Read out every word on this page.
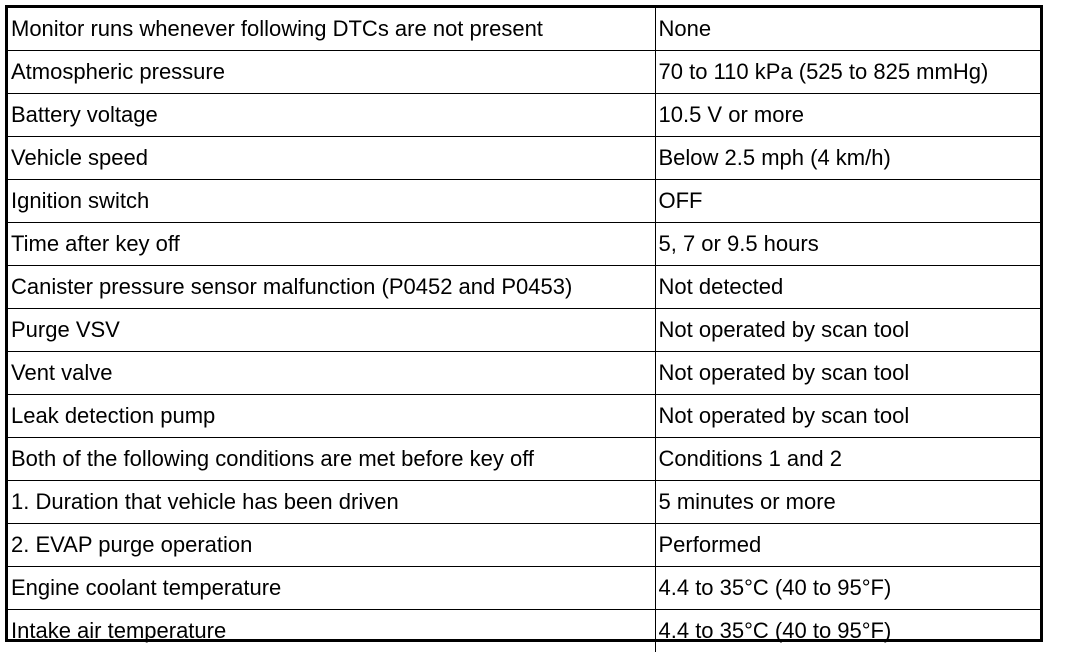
Monitor runs whenever following DTCs are not present	None
Atmospheric pressure	70 to 110 kPa (525 to 825 mmHg)
Battery voltage	10.5 V or more
Vehicle speed	Below 2.5 mph (4 km/h)
Ignition switch	OFF
Time after key off	5, 7 or 9.5 hours
Canister pressure sensor malfunction (P0452 and P0453)	Not detected
Purge VSV	Not operated by scan tool
Vent valve	Not operated by scan tool
Leak detection pump	Not operated by scan tool
Both of the following conditions are met before key off	Conditions 1 and 2
1. Duration that vehicle has been driven	5 minutes or more
2. EVAP purge operation	Performed
Engine coolant temperature	4.4 to 35°C (40 to 95°F)
Intake air temperature	4.4 to 35°C (40 to 95°F)
